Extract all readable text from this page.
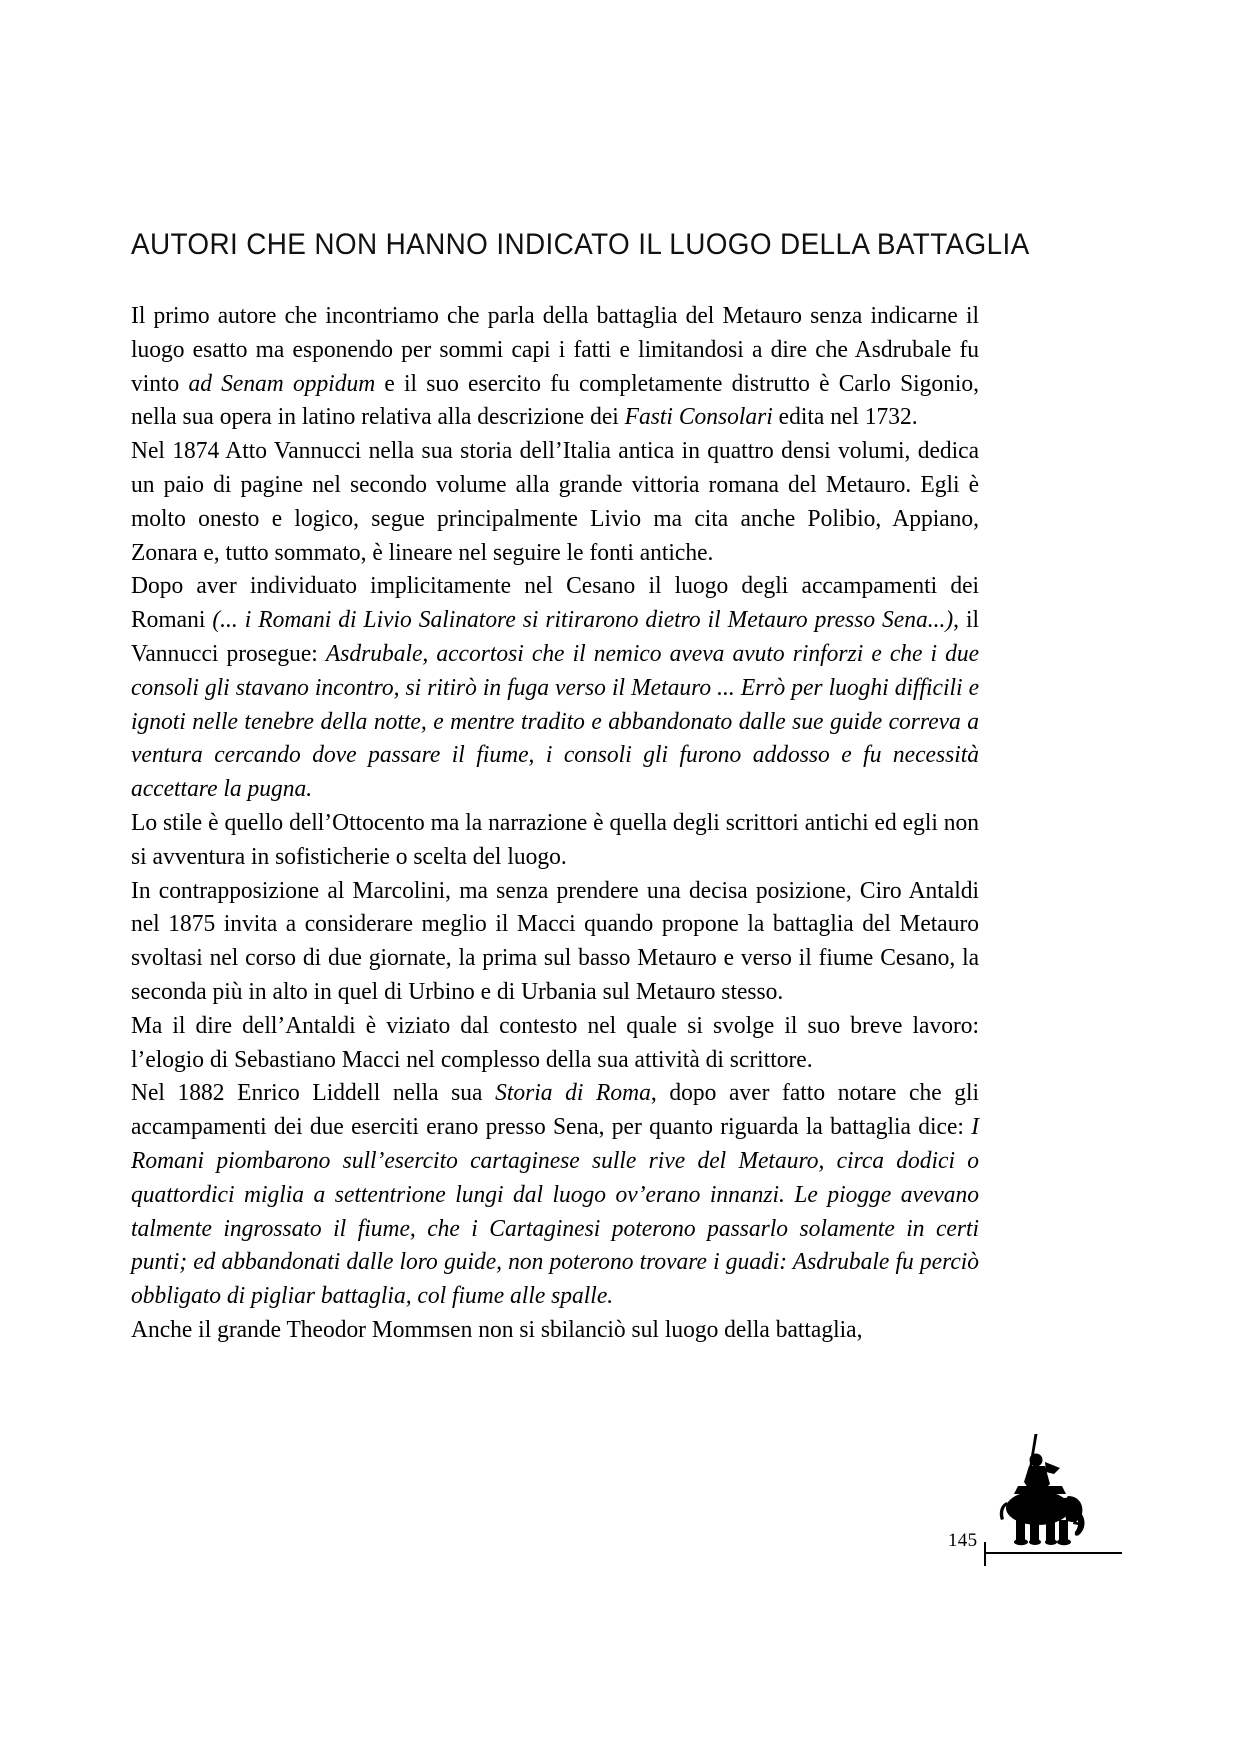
AUTORI CHE NON HANNO INDICATO IL LUOGO DELLA BATTAGLIA

Il primo autore che incontriamo che parla della battaglia del Metauro senza indicarne il luogo esatto ma esponendo per sommi capi i fatti e limitandosi a dire che Asdrubale fu vinto ad Senam oppidum e il suo esercito fu completamente distrutto è Carlo Sigonio, nella sua opera in latino relativa alla descrizione dei Fasti Consolari edita nel 1732.

Nel 1874 Atto Vannucci nella sua storia dell’Italia antica in quattro densi volumi, dedica un paio di pagine nel secondo volume alla grande vittoria romana del Metauro. Egli è molto onesto e logico, segue principalmente Livio ma cita anche Polibio, Appiano, Zonara e, tutto sommato, è lineare nel seguire le fonti antiche.

Dopo aver individuato implicitamente nel Cesano il luogo degli accampamenti dei Romani (... i Romani di Livio Salinatore si ritirarono dietro il Metauro presso Sena...), il Vannucci prosegue: Asdrubale, accortosi che il nemico aveva avuto rinforzi e che i due consoli gli stavano incontro, si ritirò in fuga verso il Metauro ... Errò per luoghi difficili e ignoti nelle tenebre della notte, e mentre tradito e abbandonato dalle sue guide correva a ventura cercando dove passare il fiume, i consoli gli furono addosso e fu necessità accettare la pugna.

Lo stile è quello dell’Ottocento ma la narrazione è quella degli scrittori antichi ed egli non si avventura in sofisticherie o scelta del luogo.

In contrapposizione al Marcolini, ma senza prendere una decisa posizione, Ciro Antaldi nel 1875 invita a considerare meglio il Macci quando propone la battaglia del Metauro svoltasi nel corso di due giornate, la prima sul basso Metauro e verso il fiume Cesano, la seconda più in alto in quel di Urbino e di Urbania sul Metauro stesso.

Ma il dire dell’Antaldi è viziato dal contesto nel quale si svolge il suo breve lavoro: l’elogio di Sebastiano Macci nel complesso della sua attività di scrittore.

Nel 1882 Enrico Liddell nella sua Storia di Roma, dopo aver fatto notare che gli accampamenti dei due eserciti erano presso Sena, per quanto riguarda la battaglia dice: I Romani piombarono sull’esercito cartaginese sulle rive del Metauro, circa dodici o quattordici miglia a settentrione lungi dal luogo ov’erano innanzi. Le piogge avevano talmente ingrossato il fiume, che i Cartaginesi poterono passarlo solamente in certi punti; ed abbandonati dalle loro guide, non poterono trovare i guadi: Asdrubale fu perciò obbligato di pigliar battaglia, col fiume alle spalle.

Anche il grande Theodor Mommsen non si sbilanciò sul luogo della battaglia,

145
